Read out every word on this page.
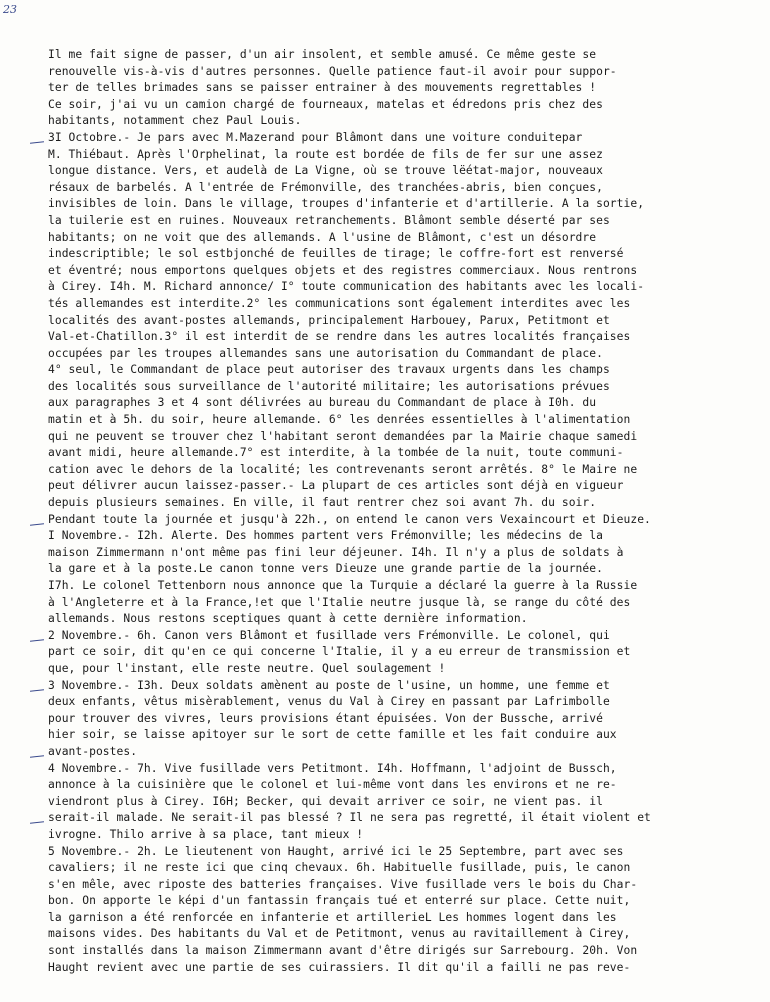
23
Il me fait signe de passer, d'un air insolent, et semble amusé. Ce même geste se
renouvelle vis-à-vis d'autres personnes. Quelle patience faut-il avoir pour suppor-
ter de telles brimades sans se paisser entrainer à des mouvements regrettables !
Ce soir, j'ai vu un camion chargé de fourneaux, matelas et édredons pris chez des
habitants, notamment chez Paul Louis.
3I Octobre.- Je pars avec M.Mazerand pour Blâmont dans une voiture conduitepar
M. Thiébaut. Après l'Orphelinat, la route est bordée de fils de fer sur une assez
longue distance. Vers, et audelà de La Vigne, où se trouve lëétat-major, nouveaux
résaux de barbelés. A l'entrée de Frémonville, des tranchées-abris, bien conçues,
invisibles de loin. Dans le village, troupes d'infanterie et d'artillerie. A la sortie,
la tuilerie est en ruines. Nouveaux retranchements. Blâmont semble déserté par ses
habitants; on ne voit que des allemands. A l'usine de Blâmont, c'est un désordre
indescriptible; le sol estbjonché de feuilles de tirage; le coffre-fort est renversé
et éventré; nous emportons quelques objets et des registres commerciaux. Nous rentrons
à Cirey. I4h. M. Richard annonce/ I° toute communication des habitants avec les locali-
tés allemandes est interdite.2° les communications sont également interdites avec les
localités des avant-postes allemands, principalement Harbouey, Parux, Petitmont et
Val-et-Chatillon.3° il est interdit de se rendre dans les autres localités françaises
occupées par les troupes allemandes sans une autorisation du Commandant de place.
4° seul, le Commandant de place peut autoriser des travaux urgents dans les champs
des localités sous surveillance de l'autorité militaire; les autorisations prévues
aux paragraphes 3 et 4 sont délivrées au bureau du Commandant de place à I0h. du
matin et à 5h. du soir, heure allemande. 6° les denrées essentielles à l'alimentation
qui ne peuvent se trouver chez l'habitant seront demandées par la Mairie chaque samedi
avant midi, heure allemande.7° est interdite, à la tombée de la nuit, toute communi-
cation avec le dehors de la localité; les contrevenants seront arrêtés. 8° le Maire ne
peut délivrer aucun laissez-passer.- La plupart de ces articles sont déjà en vigueur
depuis plusieurs semaines. En ville, il faut rentrer chez soi avant 7h. du soir.
Pendant toute la journée et jusqu'à 22h., on entend le canon vers Vexaincourt et Dieuze.
I Novembre.- I2h. Alerte. Des hommes partent vers Frémonville; les médecins de la
maison Zimmermann n'ont même pas fini leur déjeuner. I4h. Il n'y a plus de soldats à
la gare et à la poste.Le canon tonne vers Dieuze une grande partie de la journée.
I7h. Le colonel Tettenborn nous annonce que la Turquie a déclaré la guerre à la Russie
à l'Angleterre et à la France,!et que l'Italie neutre jusque là, se range du côté des
allemands. Nous restons sceptiques quant à cette dernière information.
2 Novembre.- 6h. Canon vers Blâmont et fusillade vers Frémonville. Le colonel, qui
part ce soir, dit qu'en ce qui concerne l'Italie, il y a eu erreur de transmission et
que, pour l'instant, elle reste neutre. Quel soulagement !
3 Novembre.- I3h. Deux soldats amènent au poste de l'usine, un homme, une femme et
deux enfants, vêtus misèrablement, venus du Val à Cirey en passant par Lafrimbolle
pour trouver des vivres, leurs provisions étant épuisées. Von der Bussche, arrivé
hier soir, se laisse apitoyer sur le sort de cette famille et les fait conduire aux
avant-postes.
4 Novembre.- 7h. Vive fusillade vers Petitmont. I4h. Hoffmann, l'adjoint de Bussch,
annonce à la cuisinière que le colonel et lui-même vont dans les environs et ne re-
viendront plus à Cirey. I6H; Becker, qui devait arriver ce soir, ne vient pas. il
serait-il malade. Ne serait-il pas blessé ? Il ne sera pas regretté, il était violent et
ivrogne. Thilo arrive à sa place, tant mieux !
5 Novembre.- 2h. Le lieutenent von Haught, arrivé ici le 25 Septembre, part avec ses
cavaliers; il ne reste ici que cinq chevaux. 6h. Habituelle fusillade, puis, le canon
s'en mêle, avec riposte des batteries françaises. Vive fusillade vers le bois du Char-
bon. On apporte le képi d'un fantassin français tué et enterré sur place. Cette nuit,
la garnison a été renforcée en infanterie et artillerieL Les hommes logent dans les
maisons vides. Des habitants du Val et de Petitmont, venus au ravitaillement à Cirey,
sont installés dans la maison Zimmermann avant d'être dirigés sur Sarrebourg. 20h. Von
Haught revient avec une partie de ses cuirassiers. Il dit qu'il a failli ne pas reve-
